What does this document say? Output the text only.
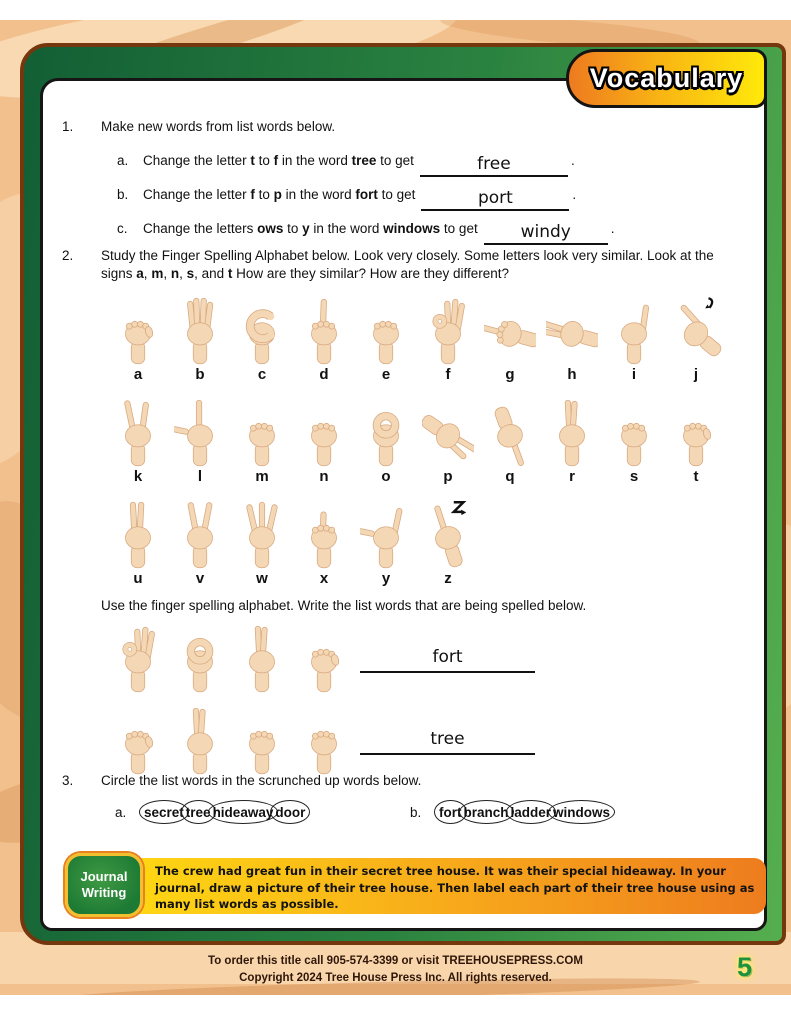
1. Make new words from list words below.
a. Change the letter t to f in the word tree to get	free	.
b. Change the letter f to p in the word fort to get	port	.
c. Change the letters ows to y in the word windows to get	windy	.
2. Study the Finger Spelling Alphabet below. Look very closely. Some letters look very similar. Look at the
signs a, m, n, s, and t How are they similar? How are they different?
a	b	c	d	e	f	g	h	i	j
k	l	m	n	o	p	q	r	s	t
u	v	w	x	y	z
Use the finger spelling alphabet. Write the list words that are being spelled below.
fort
tree
3. Circle the list words in the scrunched up words below.
a. secret tree hideaway door	b. fort branch ladder windows
The crew had great fun in their secret tree house. It was their special hideaway. In your journal, draw a picture of their tree house. Then label each part of their tree house using as many list words as possible.
Journal Writing
Vocabulary
To order this title call 905-574-3399 or visit TREEHOUSEPRESS.COM
Copyright 2024 Tree House Press Inc. All rights reserved.	5
